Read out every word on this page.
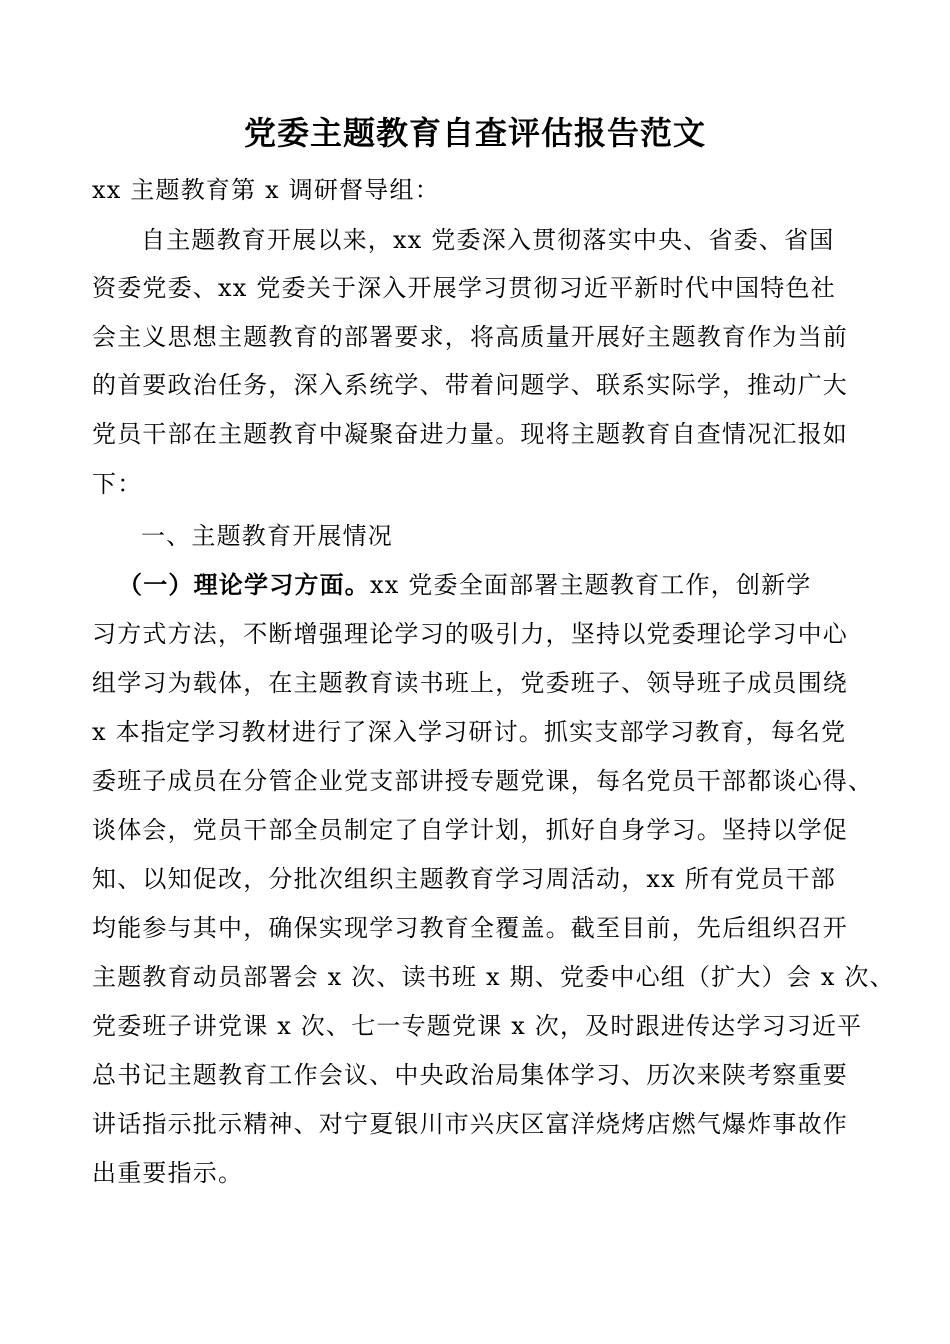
党委主题教育自查评估报告范文
xx 主题教育第 x 调研督导组：
自主题教育开展以来，xx 党委深入贯彻落实中央、省委、省国
资委党委、xx 党委关于深入开展学习贯彻习近平新时代中国特色社
会主义思想主题教育的部署要求，将高质量开展好主题教育作为当前
的首要政治任务，深入系统学、带着问题学、联系实际学，推动广大
党员干部在主题教育中凝聚奋进力量。现将主题教育自查情况汇报如
下：
一、主题教育开展情况
（一）理论学习方面。xx 党委全面部署主题教育工作，创新学
习方式方法，不断增强理论学习的吸引力，坚持以党委理论学习中心
组学习为载体，在主题教育读书班上，党委班子、领导班子成员围绕
x 本指定学习教材进行了深入学习研讨。抓实支部学习教育，每名党
委班子成员在分管企业党支部讲授专题党课，每名党员干部都谈心得、
谈体会，党员干部全员制定了自学计划，抓好自身学习。坚持以学促
知、以知促改，分批次组织主题教育学习周活动，xx 所有党员干部
均能参与其中，确保实现学习教育全覆盖。截至目前，先后组织召开
主题教育动员部署会 x 次、读书班 x 期、党委中心组（扩大）会 x 次、
党委班子讲党课 x 次、七一专题党课 x 次，及时跟进传达学习习近平
总书记主题教育工作会议、中央政治局集体学习、历次来陕考察重要
讲话指示批示精神、对宁夏银川市兴庆区富洋烧烤店燃气爆炸事故作
出重要指示。
